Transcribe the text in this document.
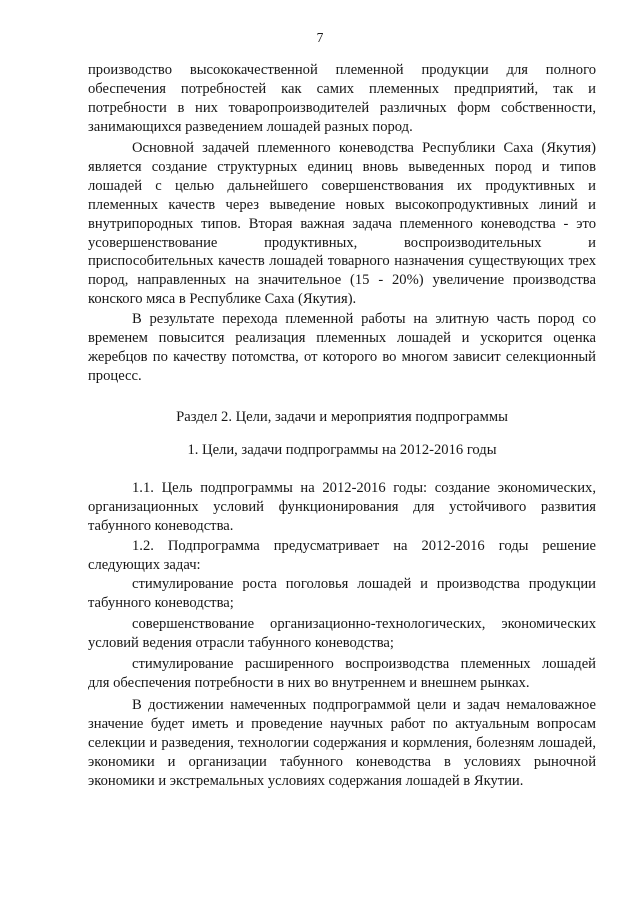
7

производство высококачественной племенной продукции для полного обеспечения потребностей как самих племенных предприятий, так и потребности в них товаропроизводителей различных форм собственности, занимающихся разведением лошадей разных пород.

Основной задачей племенного коневодства Республики Саха (Якутия) является создание структурных единиц вновь выведенных пород и типов лошадей с целью дальнейшего совершенствования их продуктивных и племенных качеств через выведение новых высокопродуктивных линий и внутрипородных типов. Вторая важная задача племенного коневодства - это усовершенствование продуктивных, воспроизводительных и приспособительных качеств лошадей товарного назначения существующих трех пород, направленных на значительное (15 - 20%) увеличение производства конского мяса в Республике Саха (Якутия).

В результате перехода племенной работы на элитную часть пород со временем повысится реализация племенных лошадей и ускорится оценка жеребцов по качеству потомства, от которого во многом зависит селекционный процесс.

Раздел 2. Цели, задачи и мероприятия подпрограммы

1. Цели, задачи подпрограммы на 2012-2016 годы

1.1. Цель подпрограммы на 2012-2016 годы: создание экономических, организационных условий функционирования для устойчивого развития табунного коневодства.

1.2. Подпрограмма предусматривает на 2012-2016 годы решение следующих задач:

стимулирование роста поголовья лошадей и производства продукции

табунного коневодства;

совершенствование организационно-технологических, экономических

условий ведения отрасли табунного коневодства;

стимулирование расширенного воспроизводства племенных лошадей

для обеспечения потребности в них во внутреннем и внешнем рынках.

В достижении намеченных подпрограммой цели и задач немаловажное значение будет иметь и проведение научных работ по актуальным вопросам селекции и разведения, технологии содержания и кормления, болезням лошадей, экономики и организации табунного коневодства в условиях рыночной экономики и экстремальных условиях содержания лошадей в Якутии.
